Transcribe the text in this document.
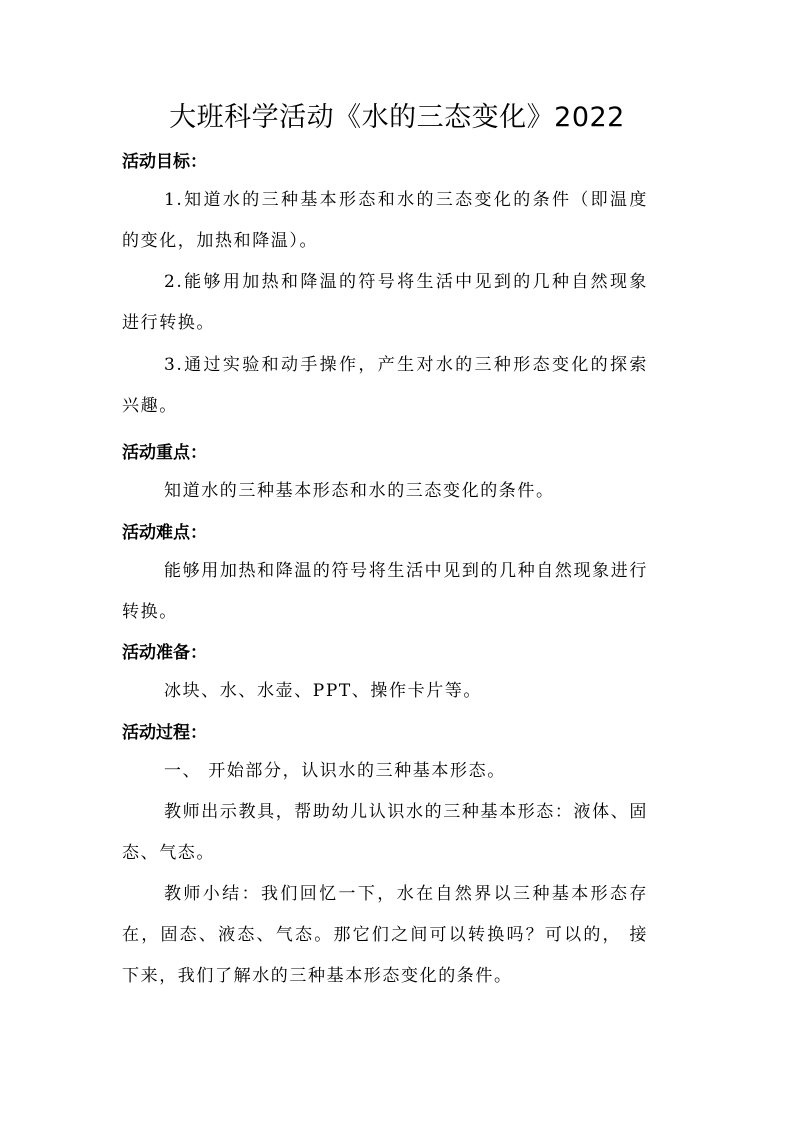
大班科学活动《水的三态变化》2022
活动目标：
1.知道水的三种基本形态和水的三态变化的条件（即温度的变化，加热和降温）。
2.能够用加热和降温的符号将生活中见到的几种自然现象进行转换。
3.通过实验和动手操作，产生对水的三种形态变化的探索兴趣。
活动重点：
知道水的三种基本形态和水的三态变化的条件。
活动难点：
能够用加热和降温的符号将生活中见到的几种自然现象进行转换。
活动准备：
冰块、水、水壶、PPT、操作卡片等。
活动过程：
一、 开始部分，认识水的三种基本形态。
教师出示教具，帮助幼儿认识水的三种基本形态：液体、固态、气态。
教师小结：我们回忆一下，水在自然界以三种基本形态存在，固态、液态、气态。那它们之间可以转换吗？可以的， 接下来，我们了解水的三种基本形态变化的条件。
